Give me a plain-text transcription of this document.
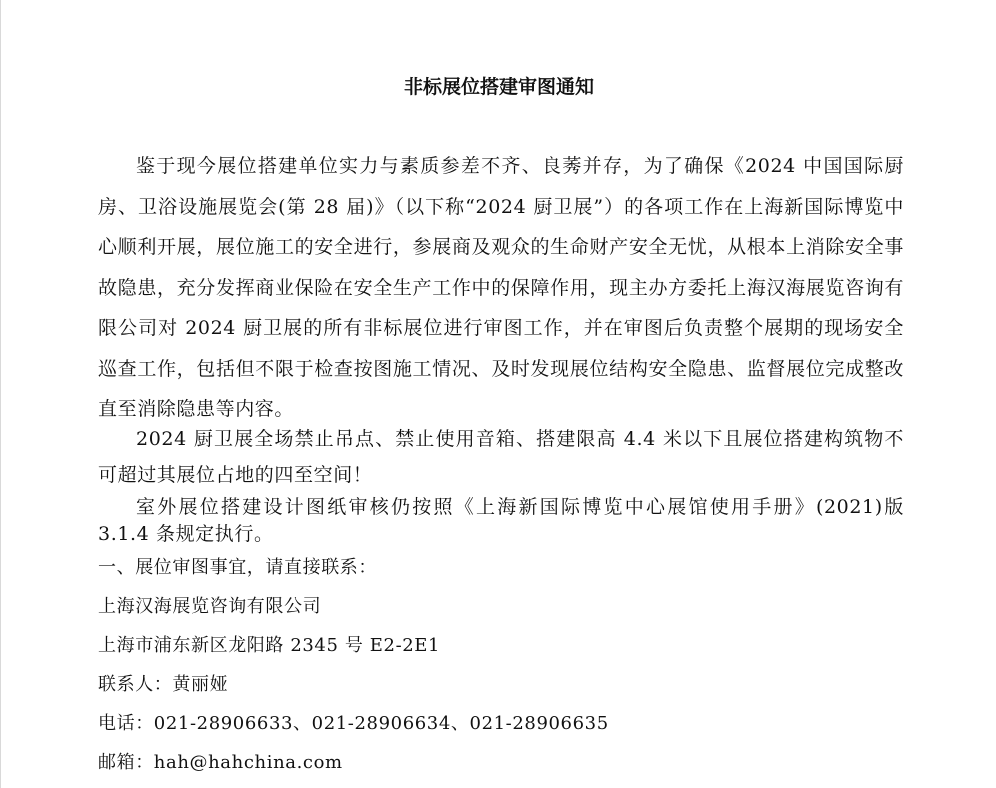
非标展位搭建审图通知
鉴于现今展位搭建单位实力与素质参差不齐、良莠并存，为了确保《2024 中国国际厨房、卫浴设施展览会(第 28 届)》（以下称“2024 厨卫展”）的各项工作在上海新国际博览中心顺利开展，展位施工的安全进行，参展商及观众的生命财产安全无忧，从根本上消除安全事故隐患，充分发挥商业保险在安全生产工作中的保障作用，现主办方委托上海汉海展览咨询有限公司对 2024 厨卫展的所有非标展位进行审图工作，并在审图后负责整个展期的现场安全巡查工作，包括但不限于检查按图施工情况、及时发现展位结构安全隐患、监督展位完成整改直至消除隐患等内容。
2024 厨卫展全场禁止吊点、禁止使用音箱、搭建限高 4.4 米以下且展位搭建构筑物不可超过其展位占地的四至空间！
室外展位搭建设计图纸审核仍按照《上海新国际博览中心展馆使用手册》(2021)版 3.1.4 条规定执行。
一、展位审图事宜，请直接联系：
上海汉海展览咨询有限公司
上海市浦东新区龙阳路 2345 号 E2-2E1
联系人：黄丽娅
电话：021-28906633、021-28906634、021-28906635
邮箱：hah@hahchina.com
